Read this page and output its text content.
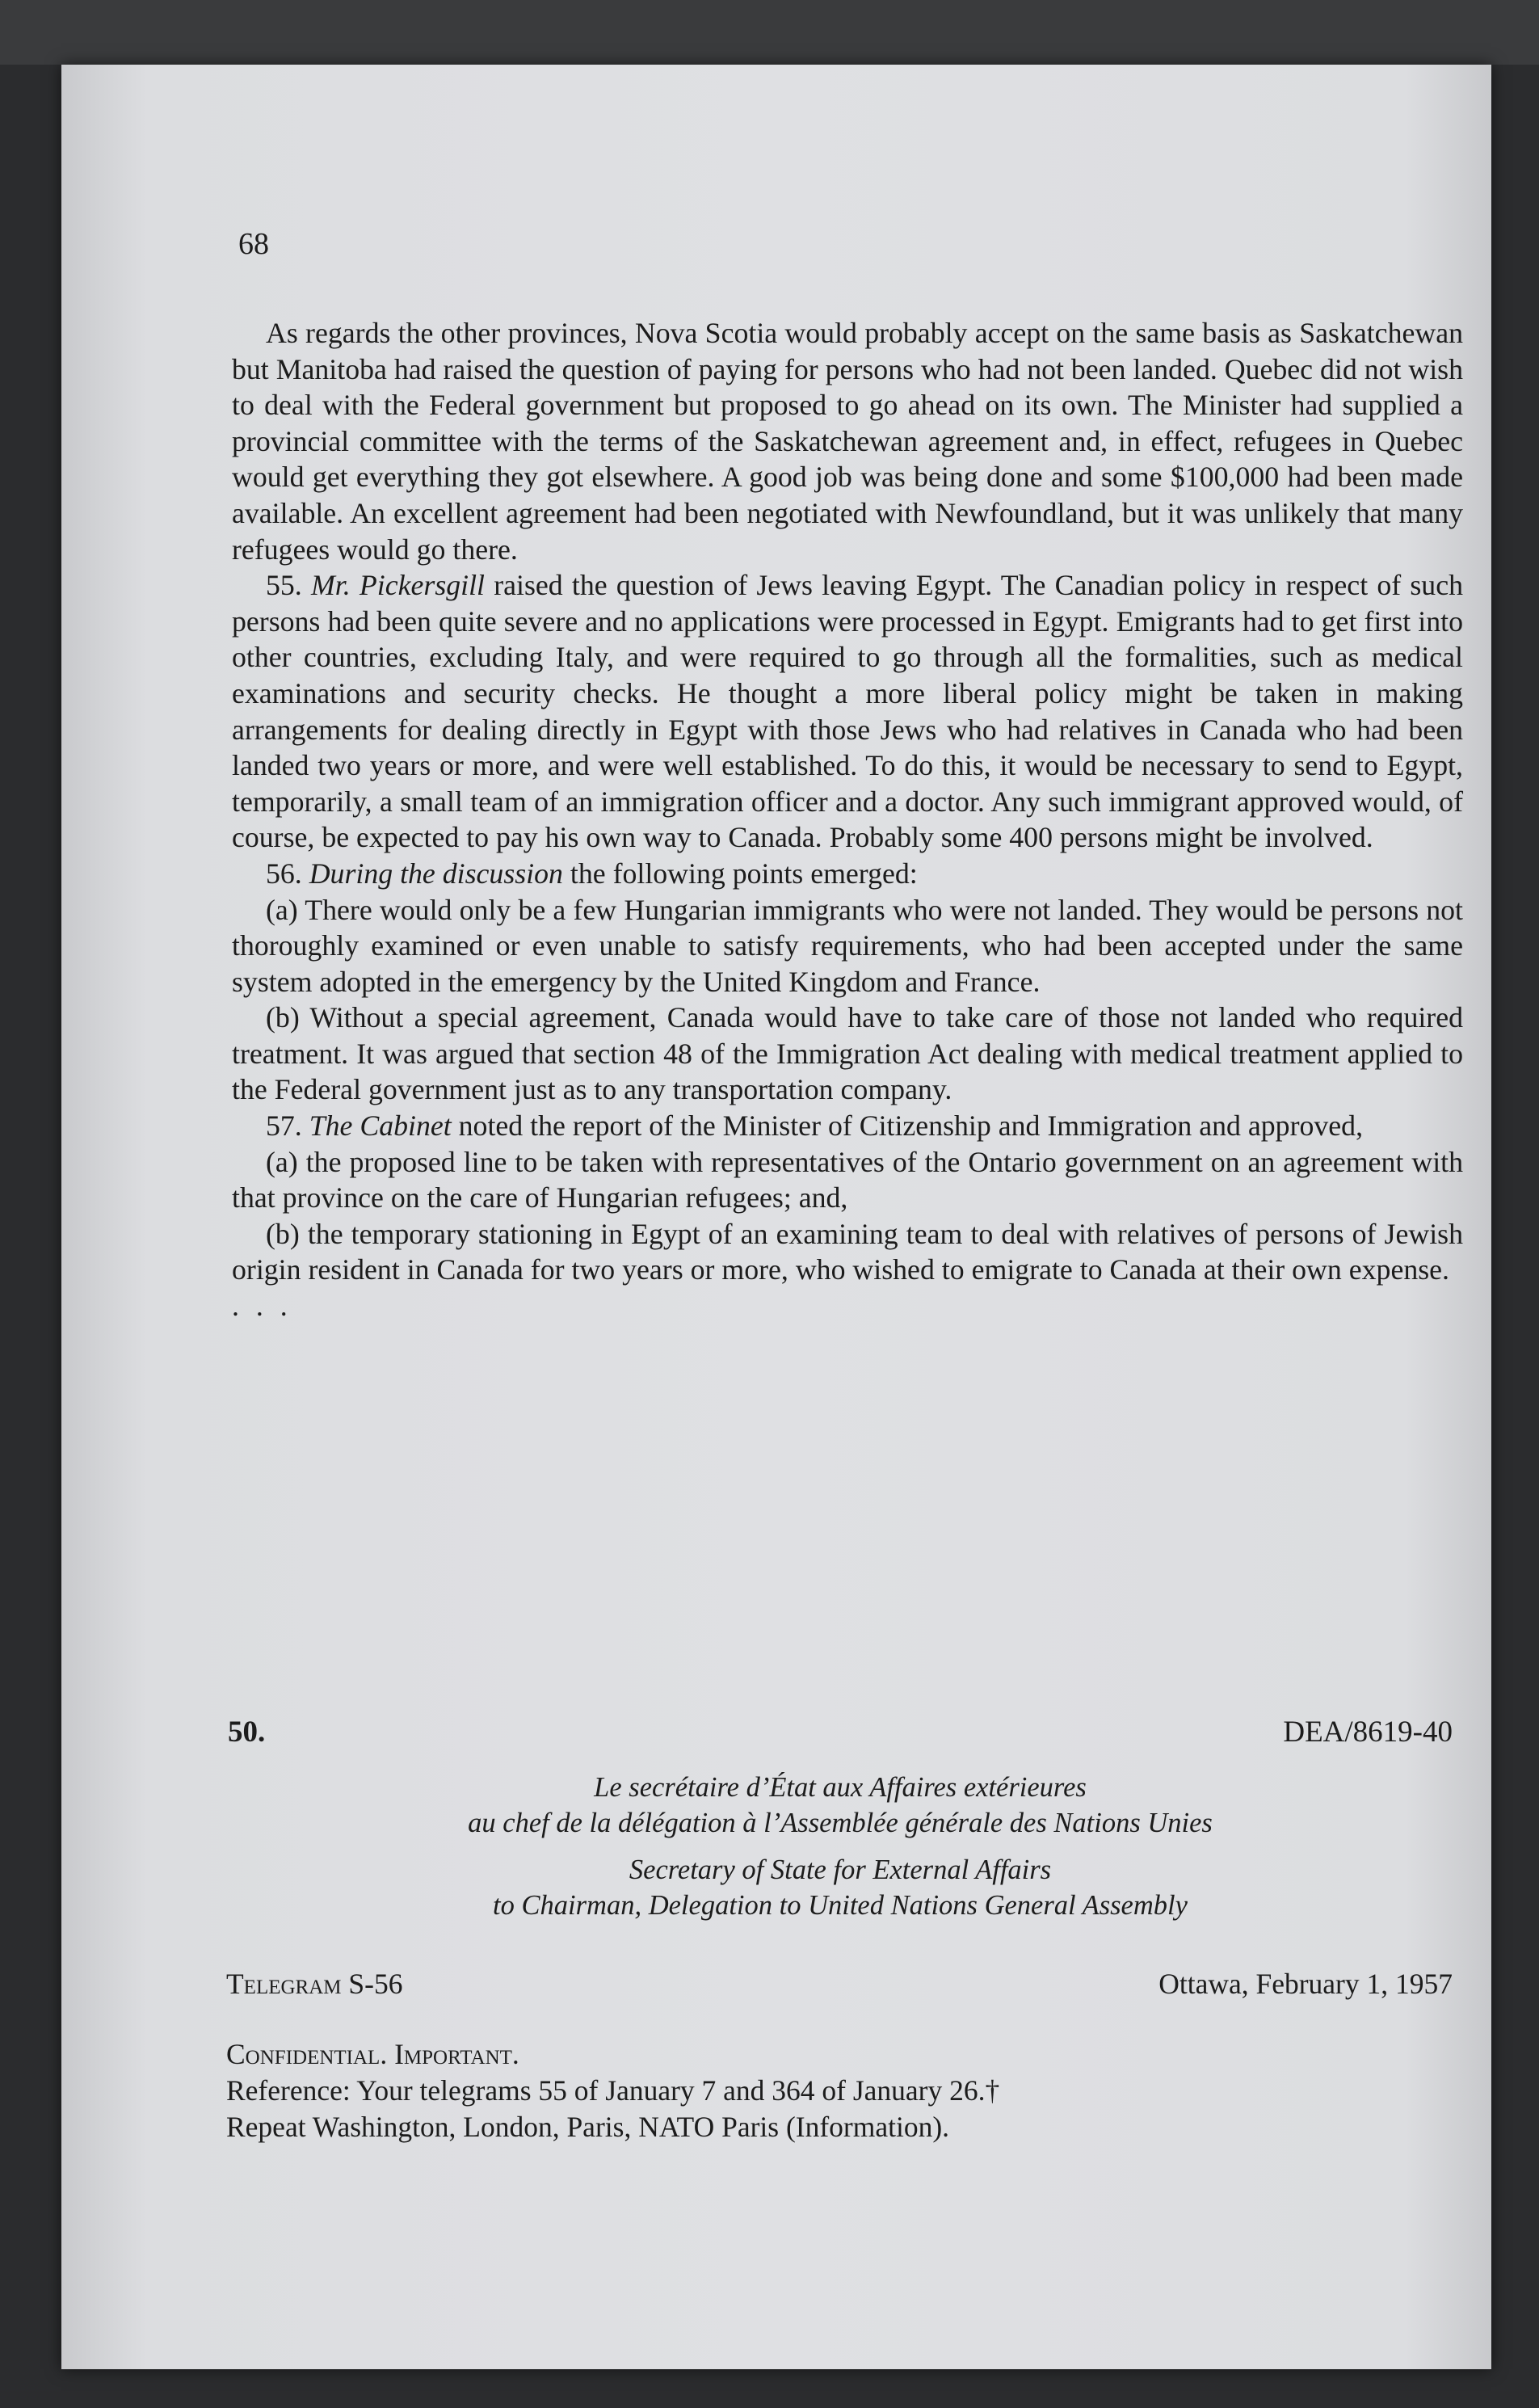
68

As regards the other provinces, Nova Scotia would probably accept on the same basis as Saskatchewan but Manitoba had raised the question of paying for persons who had not been landed. Quebec did not wish to deal with the Federal government but proposed to go ahead on its own. The Minister had supplied a provincial committee with the terms of the Saskatchewan agreement and, in effect, refugees in Quebec would get everything they got elsewhere. A good job was being done and some $100,000 had been made available. An excellent agreement had been negotiated with Newfoundland, but it was unlikely that many refugees would go there.

55. Mr. Pickersgill raised the question of Jews leaving Egypt. The Canadian policy in respect of such persons had been quite severe and no applications were processed in Egypt. Emigrants had to get first into other countries, excluding Italy, and were required to go through all the formalities, such as medical examinations and security checks. He thought a more liberal policy might be taken in making arrangements for dealing directly in Egypt with those Jews who had relatives in Canada who had been landed two years or more, and were well established. To do this, it would be necessary to send to Egypt, temporarily, a small team of an immigration officer and a doctor. Any such immigrant approved would, of course, be expected to pay his own way to Canada. Probably some 400 persons might be involved.

56. During the discussion the following points emerged:

(a) There would only be a few Hungarian immigrants who were not landed. They would be persons not thoroughly examined or even unable to satisfy requirements, who had been accepted under the same system adopted in the emergency by the United Kingdom and France.

(b) Without a special agreement, Canada would have to take care of those not landed who required treatment. It was argued that section 48 of the Immigration Act dealing with medical treatment applied to the Federal government just as to any transportation company.

57. The Cabinet noted the report of the Minister of Citizenship and Immigration and approved,

(a) the proposed line to be taken with representatives of the Ontario government on an agreement with that province on the care of Hungarian refugees; and,

(b) the temporary stationing in Egypt of an examining team to deal with relatives of persons of Jewish origin resident in Canada for two years or more, who wished to emigrate to Canada at their own expense.

. . .

50.	DEA/8619-40
Le secrétaire d’État aux Affaires extérieures
au chef de la délégation à l’Assemblée générale des Nations Unies
Secretary of State for External Affairs
to Chairman, Delegation to United Nations General Assembly
Telegram S-56	Ottawa, February 1, 1957
Confidential. Important.
Reference: Your telegrams 55 of January 7 and 364 of January 26.†
Repeat Washington, London, Paris, NATO Paris (Information).
